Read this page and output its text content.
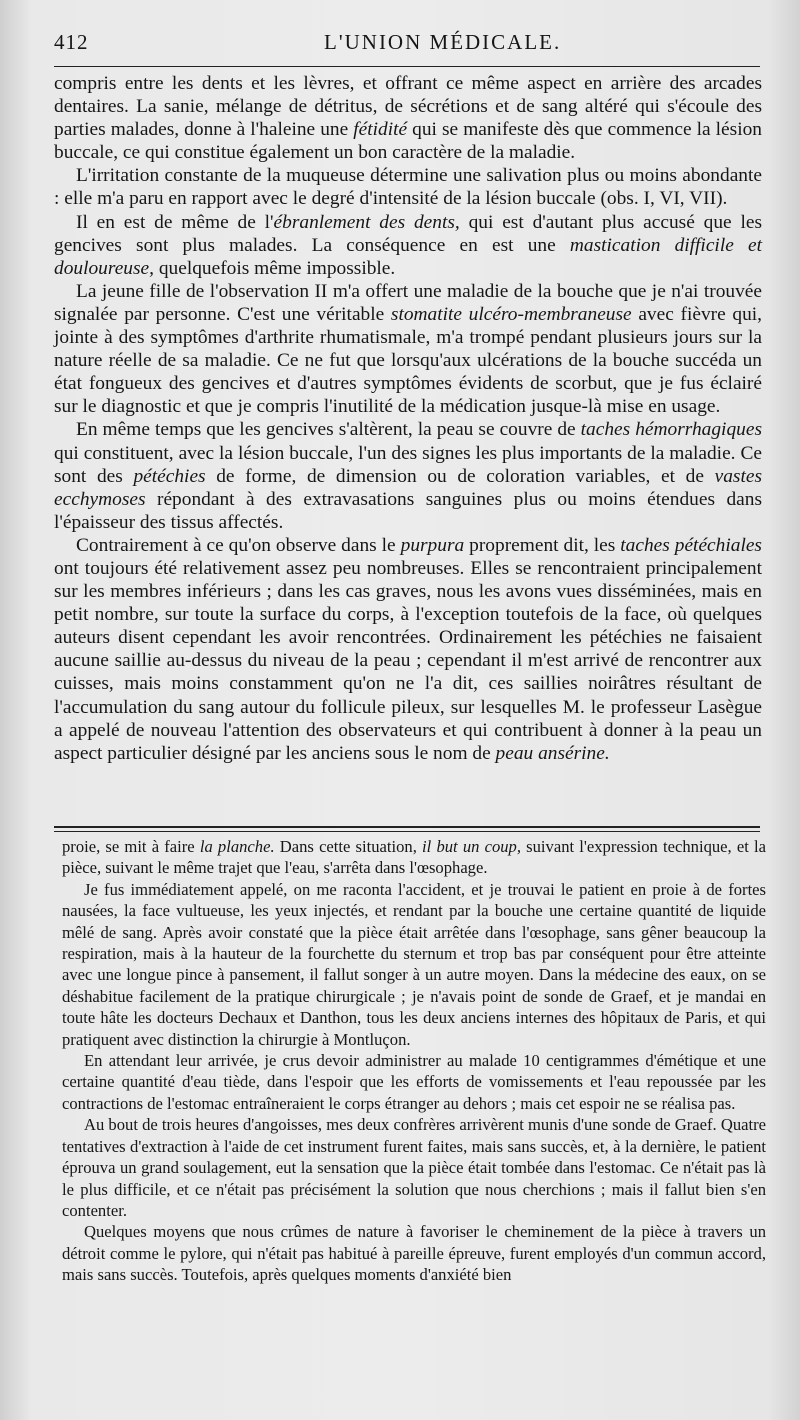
412	L'UNION MÉDICALE.

compris entre les dents et les lèvres, et offrant ce même aspect en arrière des arcades dentaires. La sanie, mélange de détritus, de sécrétions et de sang altéré qui s'écoule des parties malades, donne à l'haleine une fétidité qui se manifeste dès que commence la lésion buccale, ce qui constitue également un bon caractère de la maladie.

L'irritation constante de la muqueuse détermine une salivation plus ou moins abondante : elle m'a paru en rapport avec le degré d'intensité de la lésion buccale (obs. I, VI, VII).

Il en est de même de l'ébranlement des dents, qui est d'autant plus accusé que les gencives sont plus malades. La conséquence en est une mastication difficile et douloureuse, quelquefois même impossible.

La jeune fille de l'observation II m'a offert une maladie de la bouche que je n'ai trouvée signalée par personne. C'est une véritable stomatite ulcéro-membraneuse avec fièvre qui, jointe à des symptômes d'arthrite rhumatismale, m'a trompé pendant plusieurs jours sur la nature réelle de sa maladie. Ce ne fut que lorsqu'aux ulcérations de la bouche succéda un état fongueux des gencives et d'autres symptômes évidents de scorbut, que je fus éclairé sur le diagnostic et que je compris l'inutilité de la médication jusque-là mise en usage.

En même temps que les gencives s'altèrent, la peau se couvre de taches hémorrhagiques qui constituent, avec la lésion buccale, l'un des signes les plus importants de la maladie. Ce sont des pétéchies de forme, de dimension ou de coloration variables, et de vastes ecchymoses répondant à des extravasations sanguines plus ou moins étendues dans l'épaisseur des tissus affectés.

Contrairement à ce qu'on observe dans le purpura proprement dit, les taches pétéchiales ont toujours été relativement assez peu nombreuses. Elles se rencontraient principalement sur les membres inférieurs ; dans les cas graves, nous les avons vues disséminées, mais en petit nombre, sur toute la surface du corps, à l'exception toutefois de la face, où quelques auteurs disent cependant les avoir rencontrées. Ordinairement les pétéchies ne faisaient aucune saillie au-dessus du niveau de la peau ; cependant il m'est arrivé de rencontrer aux cuisses, mais moins constamment qu'on ne l'a dit, ces saillies noirâtres résultant de l'accumulation du sang autour du follicule pileux, sur lesquelles M. le professeur Lasègue a appelé de nouveau l'attention des observateurs et qui contribuent à donner à la peau un aspect particulier désigné par les anciens sous le nom de peau ansérine.

proie, se mit à faire la planche. Dans cette situation, il but un coup, suivant l'expression technique, et la pièce, suivant le même trajet que l'eau, s'arrêta dans l'œsophage.

Je fus immédiatement appelé, on me raconta l'accident, et je trouvai le patient en proie à de fortes nausées, la face vultueuse, les yeux injectés, et rendant par la bouche une certaine quantité de liquide mêlé de sang. Après avoir constaté que la pièce était arrêtée dans l'œsophage, sans gêner beaucoup la respiration, mais à la hauteur de la fourchette du sternum et trop bas par conséquent pour être atteinte avec une longue pince à pansement, il fallut songer à un autre moyen. Dans la médecine des eaux, on se déshabitue facilement de la pratique chirurgicale ; je n'avais point de sonde de Graef, et je mandai en toute hâte les docteurs Dechaux et Danthon, tous les deux anciens internes des hôpitaux de Paris, et qui pratiquent avec distinction la chirurgie à Montluçon.

En attendant leur arrivée, je crus devoir administrer au malade 10 centigrammes d'émétique et une certaine quantité d'eau tiède, dans l'espoir que les efforts de vomissements et l'eau repoussée par les contractions de l'estomac entraîneraient le corps étranger au dehors ; mais cet espoir ne se réalisa pas.

Au bout de trois heures d'angoisses, mes deux confrères arrivèrent munis d'une sonde de Graef. Quatre tentatives d'extraction à l'aide de cet instrument furent faites, mais sans succès, et, à la dernière, le patient éprouva un grand soulagement, eut la sensation que la pièce était tombée dans l'estomac. Ce n'était pas là le plus difficile, et ce n'était pas précisément la solution que nous cherchions ; mais il fallut bien s'en contenter.

Quelques moyens que nous crûmes de nature à favoriser le cheminement de la pièce à travers un détroit comme le pylore, qui n'était pas habitué à pareille épreuve, furent employés d'un commun accord, mais sans succès. Toutefois, après quelques moments d'anxiété bien
